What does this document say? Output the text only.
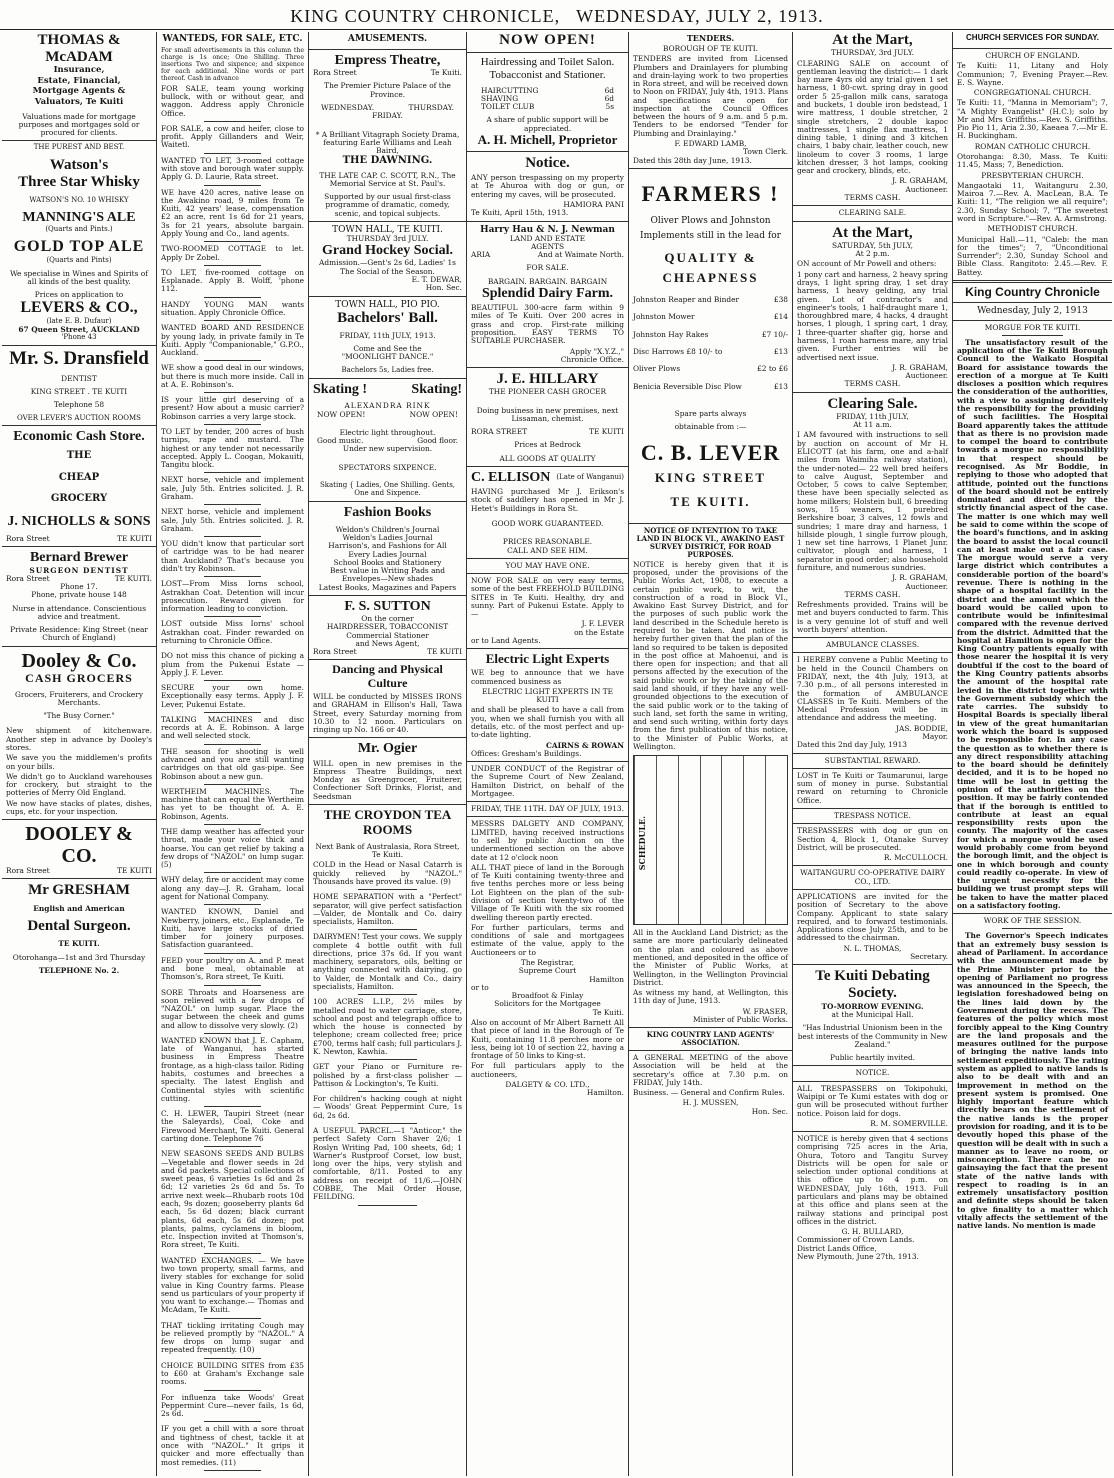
KING COUNTRY CHRONICLE, WEDNESDAY, JULY 2, 1913.
THOMAS & McADAM
Insurance,
Estate, Financial,
Mortgage Agents &
Valuators, Te Kuiti
Valuations made for mortgage purposes and mortgages sold or procured for clients.
THE PUREST AND BEST.
Watson's
Three Star Whisky
WATSON'S NO. 10 WHISKY
MANNING'S ALE
(Quarts and Pints.)
GOLD TOP ALE
(Quarts and Pints)
We specialise in Wines and Spirits of all kinds of the best quality.
Prices on application to
LEVERS & CO.,
(late E. B. Dufaur)
67 Queen Street, AUCKLAND
'Phone 43
Mr. S. Dransfield
DENTIST
KING STREET . TE KUITI
Telephone 58
OVER LEVER'S AUCTION ROOMS
Economic Cash Store.
THE
CHEAP
GROCERY
J. NICHOLLS & SONS
Rora Street	TE KUITI
Bernard Brewer
SURGEON DENTIST
Rora Street	TE KUITI.
Phone 17.
Phone, private house 148
Nurse in attendance. Conscientious advice and treatment.
Private Residence: King Street (near Church of England)
Dooley & Co.
CASH GROCERS
Grocers, Fruiterers, and Crockery Merchants.
"The Busy Corner."
New shipment of kitchenware. Another step in advance by Dooley's stores.
We save you the middlemen's profits on your bills.
We didn't go to Auckland warehouses for crockery, but straight to the potteries of Merry Old England.
We now have stacks of plates, dishes, cups, etc. for your inspection.
DOOLEY & CO.
Rora Street	TE KUITI
Mr GRESHAM
English and American
Dental Surgeon.
TE KUITI.
Otorohanga—1st and 3rd Thursday
TELEPHONE No. 2.
WANTEDS, FOR SALE, ETC.
For small advertisements in this column the charge is 1s once; One Shilling. Three insertions Two and sixpence; and sixpence for each additional. Nine words or part thereof. Cash in advance
FOR SALE, team young working bullock, with or without gear, and waggon. Address apply Chronicle Office.
FOR SALE, a cow and heifer, close to profit. Apply Gillanders and Weir, Waitetl.
WANTED TO LET, 3-roomed cottage with stove and borough water supply. Apply G. D. Laurie, Rata street.
WE have 420 acres, native lease on the Awakino road, 9 miles from Te Kuiti, 42 years' lease, compensation £2 an acre, rent 1s 6d for 21 years, 3s for 21 years, absolute bargain. Apply Young and Co., land agents.
TWO-ROOMED COTTAGE to let. Apply Dr Zobel.
TO LET, five-roomed cottage on Esplanade. Apply B. Wolff, 'phone 112.
HANDY YOUNG MAN wants situation. Apply Chronicle Office.
WANTED BOARD AND RESIDENCE by young lady, in private family in Te Kuiti. Apply "Companionable," G.P.O., Auckland.
WE show a good deal in our windows, but there is much more inside. Call in at A. E. Robinson's.
IS your little girl deserving of a present? How about a music carrier? Robinson carries a very large stock.
TO LET by tender, 200 acres of bush turnips, rape and mustard. The highest or any tender not necessarily accepted. Apply L. Coogan, Mokauiti, Tangitu block.
NEXT horse, vehicle and implement sale, July 5th. Entries solicited. J. R. Graham.
NEXT horse, vehicle and implement sale, July 5th. Entries solicited. J. R. Graham.
YOU didn't know that particular sort of cartridge was to be had nearer than Auckland? That's because you didn't try Robinson.
LOST—From Miss Iorns school, Astrakhan Coat. Detention will incur prosecution. Reward given for information leading to conviction.
LOST outside Miss Iorns' school Astrakhan coat. Finder rewarded on returning to Chronicle Office.
DO not miss this chance of picking a plum from the Pukenui Estate —Apply J. F. Lever.
SECURE your own home. Exceptionally easy terms. Apply J. F. Lever, Pukenui Estate.
TALKING MACHINES and disc records at A. E. Robinson. A large and well selected stock.
THE season for shooting is well advanced and you are still wanting cartridges on that old gas-pipe. See Robinson about a new gun.
WERTHEIM MACHINES. The machine that can equal the Wertheim has yet to be thought of. A. E. Robinson, Agents.
THE damp weather has affected your throat, made your voice thick and hoarse. You can get relief by taking a few drops of "NAZOL" on lump sugar. (5)
WHY delay, fire or accident may come along any day—J. R. Graham, local agent for National Company.
WANTED KNOWN, Daniel and Newberry, joiners, etc., Esplanade, Te Kuiti, have large stocks of dried timber for joinery purposes. Satisfaction guaranteed.
FEED your poultry on A. and P. meat and bone meal, obtainable at Thomson's, Rora street, Te Kuiti.
SORE Throats and Hoarseness are soon relieved with a few drops of "NAZOL" on lump sugar. Place the sugar between the cheek and gums and allow to dissolve very slowly. (2)
WANTED KNOWN that J. E. Capham, late of Wanganui, has started business in Empress Theatre frontage, as a high-class tailor. Riding habits, costumes and breeches a specialty. The latest English and Continental styles with scientific cutting.
C. H. LEWER, Taupiri Street (near the Saleyards), Coal, Coke and Firewood Merchant, Te Kuiti. General carting done. Telephone 76
NEW SEASONS SEEDS AND BULBS—Vegetable and flower seeds in 2d and 6d packets. Special collections of sweet peas, 6 varieties 1s 6d and 2s 6d; 12 varieties 2s 6d and 5s. To arrive next week—Rhubarb roots 10d each, 9s dozen; gooseberry plants 6d each, 5s 6d dozen; black currant plants, 6d each, 5s 6d dozen; pot plants, palms, cyclamens in bloom, etc. Inspection invited at Thomson's, Rora street, Te Kuiti.
WANTED EXCHANGES. — We have two town property, small farms, and livery stables for exchange for solid value in King Country farms. Please send us particulars of your property if you want to exchange.— Thomas and McAdam, Te Kuiti.
THAT tickling irritating Cough may be relieved promptly by "NAZOL." A few drops on lump sugar and repeated frequently. (10)
CHOICE BUILDING SITES from £35 to £60 at Graham's Exchange sale rooms.
For influenza take Woods' Great Peppermint Cure—never fails, 1s 6d, 2s 6d.
IF you get a chill with a sore throat and tightness of chest, tackle it at once with "NAZOL." It grips it quicker and more effectually than most remedies. (11)
AMUSEMENTS.
Empress Theatre,
Rora Street	Te Kuiti.
The Premier Picture Palace of the Province.
WEDNESDAY.	THURSDAY.
FRIDAY.
* A Brilliant Vitagraph Society Drama, featuring Earle Williams and Leah Baird,
THE DAWNING.
THE LATE CAP. C. SCOTT, R.N., The Memorial Service at St. Paul's.
Supported by our usual first-class programme of dramatic, comedy, scenic, and topical subjects.
TOWN HALL, TE KUITI.
THURSDAY 3rd JULY.
Grand Hockey Social.
Admission.—Gent's 2s 6d, Ladies' 1s The Social of the Season.
E. T. DEWAR,
Hon. Sec.
TOWN HALL, PIO PIO.
Bachelors' Ball.
FRIDAY, 11th JULY, 1913.
Come and See the
"MOONLIGHT DANCE."
Bachelors 5s, Ladies free.
Skating !	Skating!
ALEXANDRA RINK
NOW OPEN!	NOW OPEN!
Electric light throughout.
Good music.	Good floor.
Under new supervision.
SPECTATORS SIXPENCE.
Skating { Ladies, One Shilling. Gents, One and Sixpence.
Fashion Books
Weldon's Children's Journal
Weldon's Ladies Journal
Harrison's, and Fashions for All
Every Ladies Journal
School Books and Stationery
Best value in Writing Pads and Envelopes—New shades
Latest Books, Magazines and Papers
F. S. SUTTON
On the corner
HAIRDRESSER, TOBACCONIST
Commercial Stationer
and News Agent,
Rora Street	TE KUITI
Dancing and Physical Culture
WILL be conducted by MISSES IRONS and GRAHAM in Ellison's Hall, Tawa Street, every Saturday morning from 10.30 to 12 noon. Particulars on ringing up No. 166 or 40.
Mr. Ogier
WILL open in new premises in the Empress Theatre Buildings, next Monday as Greengrocer, Fruiterer, Confectioner Soft Drinks, Florist, and Seedsman
THE CROYDON TEA ROOMS
Next Bank of Australasia, Rora Street, Te Kuiti.
COLD in the Head or Nasal Catarrh is quickly relieved by "NAZOL." Thousands have proved its value. (9)
HOME SEPARATION with a "Perfect" separator, will give perfect satisfaction—Valder, de Montalk and Co. dairy specialists, Hamilton.
DAIRYMEN! Test your cows. We supply complete 4 bottle outfit with full directions, price 37s 6d. If you want machinery, separators, oils, belting or anything connected with dairying, go to Valder, de Montalk and Co., dairy specialists, Hamilton.
100 ACRES L.I.P., 2½ miles by metalled road to water carriage, store, school and post and telegraph office to which the house is connected by telephone; cream collected free; price £700, terms half cash; full particulars J. K. Newton, Kawhia.
GET your Piano or Furniture re-polished by a first-class polisher —Pattison & Lockington's, Te Kuiti.
For children's hacking cough at night — Woods' Great Peppermint Cure, 1s 6d, 2s 6d.
A USEFUL PARCEL.—1 "Anticor," the perfect Safety Corn Shaver 2/6; 1 Roslyn Writing Pad, 100 sheets, 6d; 1 Warner's Rustproof Corset, low bust, long over the hips, very stylish and comfortable, 8/11. Posted to any address on receipt of 11/6.—JOHN COBBE, The Mail Order House, FEILDING.
NOW OPEN!
Hairdressing and Toilet Salon.
Tobacconist and Stationer.
HAIRCUTTING	6d
SHAVING	6d
TOILET CLUB	5s
A share of public support will be appreciated.
A. H. Michell, Proprietor
Notice.
ANY person trespassing on my property at Te Ahuroa with dog or gun, or entering my caves, will be prosecuted.
HAMIORA PANI
Te Kuiti, April 15th, 1913.
Harry Hau & N. J. Newman
LAND AND ESTATE
AGENTS
ARIA	And at Waimate North.
FOR SALE.
BARGAIN. BARGAIN. BARGAIN
Splendid Dairy Farm.
BEAUTIFUL 300-acre farm within 9 miles of Te Kuiti. Over 200 acres in grass and crop. First-rate milking proposition. EASY TERMS TO SUITABLE PURCHASER.
Apply "X.Y.Z.,"
Chronicle Office.
J. E. HILLARY
THE PIONEER CASH GROCER
Doing business in new premises, next Lissaman, chemist.
RORA STREET	TE KUITI
Prices at Bedrock
ALL GOODS AT QUALITY
C. ELLISON (Late of Wanganui)
HAVING purchased Mr J. Erikson's stock of saddlery has opened in Mr J. Hetet's Buildings in Rora St.
GOOD WORK GUARANTEED.
PRICES REASONABLE.
CALL AND SEE HIM.
YOU MAY HAVE ONE.
NOW FOR SALE on very easy terms, some of the best FREEHOLD BUILDING SITES in Te Kuiti. Healthy, dry and sunny. Part of Pukenui Estate. Apply to—
J. F. LEVER
on the Estate
or to Land Agents.
Electric Light Experts
WE beg to announce that we have commenced business as
ELECTRIC LIGHT EXPERTS IN TE KUITI
and shall be pleased to have a call from you, when we shall furnish you with all details, etc. of the most perfect and up-to-date lighting.
CAIRNS & ROWAN
Offices: Gresham's Buildings.
UNDER CONDUCT of the Registrar of the Supreme Court of New Zealand, Hamilton District, on behalf of the Mortgagee.
FRIDAY, THE 11TH. DAY OF JULY, 1913.
MESSRS DALGETY AND COMPANY, LIMITED, having received instructions to sell by public Auction on the undermentioned section on the above date at 12 o'clock noon
ALL THAT piece of land in the Borough of Te Kuiti containing twenty-three and five tenths perches more or less being Lot Eighteen on the plan of the sub-division of section twenty-two of the Village of Te Kuiti with the six roomed dwelling thereon partly erected.
For further particulars, terms and conditions of sale and mortgagees estimate of the value, apply to the Auctioneers or to
The Registrar,
Supreme Court
Hamilton
or to
Broadfoot & Finlay
Solicitors for the Mortgagee
Te Kuiti.
Also on account of Mr Albert Barnett All that piece of land in the Borough of Te Kuiti, containing 11.8 perches more or less, being lot 10 of section 22, having a frontage of 50 links to King-st.
For full particulars apply to the auctioneers,
DALGETY & CO. LTD.,
Hamilton.
TENDERS.
BOROUGH OF TE KUITI.
TENDERS are invited from Licensed Plumbers and Drainlayers for plumbing and drain-laying work to two properties in Rora street, and will be received down to Noon on FRIDAY, July 4th, 1913. Plans and specifications are open for inspection at the Council Offices between the hours of 9 a.m. and 5 p.m. Tenders to be endorsed "Tender for Plumbing and Drainlaying."
F. EDWARD LAMB,
Town Clerk.
Dated this 28th day June, 1913.
FARMERS !
Oliver Plows and Johnston
Implements still in the lead for
QUALITY &
CHEAPNESS
Johnston Reaper and Binder	£38
Johnston Mower	£14
Johnston Hay Rakes	£7 10/-
Disc Harrows £8 10/- to	£13
Oliver Plows	£2 to £6
Benicia Reversible Disc Plow	£13
Spare parts always
obtainable from :—
C. B. LEVER
KING STREET
TE KUITI.
NOTICE OF INTENTION TO TAKE LAND IN BLOCK VI., AWAKINO EAST SURVEY DISTRICT, FOR ROAD PURPOSES.
NOTICE is hereby given that it is proposed, under the provisions of the Public Works Act, 1908, to execute a certain public work, to wit, the construction of a road in Block VI., Awakino East Survey District, and for the purposes of such public work the land described in the Schedule hereto is required to be taken. And notice is hereby further given that the plan of the land so required to be taken is deposited in the post office at Mahoenui, and is there open for inspection; and that all persons affected by the execution of the said public work or by the taking of the said land should, if they have any well-grounded objections to the execution of the said public work or to the taking of such land, set forth the same in writing, and send such writing, within forty days from the first publication of this notice, to the Minister of Public Works, at Wellington.
SCHEDULE.
All in the Auckland Land District; as the same are more particularly delineated on the plan and coloured as above mentioned, and deposited in the office of the Minister of Public Works, at Wellington, in the Wellington Provincial District.
As witness my hand, at Wellington, this 11th day of June, 1913.
W. FRASER,
Minister of Public Works.
KING COUNTRY LAND AGENTS' ASSOCIATION.
A GENERAL MEETING of the above Association will be held at the secretary's office at 7.30 p.m. on FRIDAY, July 14th.
Business. — General and Confirm Rules.
H. J. MUSSEN,
Hon. Sec.
At the Mart,
THURSDAY, 3rd JULY.
CLEARING SALE on account of gentleman leaving the district:— 1 dark bay mare 4yrs old any trial given 1 set harness, 1 80-cwt. spring dray in good order 5 25-gallon milk cans, saratoga and buckets, 1 double iron bedstead, 1 wire mattress, 1 double stretcher, 2 single stretchers, 2 double kapoc mattresses, 1 single flax mattress, 1 dining table, 1 dining and 3 kitchen chairs, 1 baby chair, leather couch, new linoleum to cover 3 rooms, 1 large kitchen dresser, 3 hot lamps, cooking gear and crockery, blinds, etc.
J. R. GRAHAM,
Auctioneer.
TERMS CASH.
CLEARING SALE.
At the Mart,
SATURDAY, 5th JULY,
At 2 p.m.
ON account of Mr Powell and others:
1 pony cart and harness, 2 heavy spring drays, 1 light spring dray, 1 set dray harness, 1 heavy gelding, any trial given. Lot of contractor's and engineer's tools, 1 half-draught mare 1, thoroughbred mare, 4 hacks, 4 draught horses, 1 plough, 1 spring cart, 1 dray, 1 three-quarter shafter gig, horse and harness, 1 roan harness mare, any trial given. Further entries will be advertised next issue.
J. R. GRAHAM,
Auctioneer.
TERMS CASH.
Clearing Sale.
FRIDAY, 11th JULY,
At 11 a.m.
I AM favoured with instructions to sell by auction on account of Mr H. ELICOTT (at his farm, one and a-half miles from Waimiha railway station), the under-noted— 22 well bred heifers to calve August, September and October, 5 cows to calve September, these have been specially selected as home milkers; Holstein bull, 6 breeding sows, 15 weaners, 1 purebred Berkshire boar, 3 calves, 12 fowls and sundries; 1 mare dray and harness, 1 hillside plough, 1 single furrow plough, 1 new set tine harrows, 1 Planet Junr. cultivator, plough and harness, 1 separator in good order; also household furniture, and numerous sundries.
J. R. GRAHAM,
Auctioneer.
TERMS CASH.
Refreshments provided. Trains will be met and buyers conducted to farm. This is a very genuine lot of stuff and well worth buyers' attention.
AMBULANCE CLASSES.
I HEREBY convene a Public Meeting to be held in the Council Chambers on FRIDAY, next, the 4th July, 1913, at 7.30 p.m., of all persons interested in the formation of AMBULANCE CLASSES in Te Kuiti. Members of the Medical Profession will be in attendance and address the meeting.
JAS. BODDIE,
Mayor.
Dated this 2nd day July, 1913
SUBSTANTIAL REWARD.
LOST in Te Kuiti or Taumarunui, large sum of money in purse. Substantial reward on returning to Chronicle Office.
TRESPASS NOTICE.
TRESPASSERS with dog or gun on Section 4, Block 1, Otanake Survey District, will be prosecuted.
R. McCULLOCH.
WAITANGURU CO-OPERATIVE DAIRY CO., LTD.
APPLICATIONS are invited for the position of Secretary to the above Company. Applicant to state salary required, and to forward testimonials. Applications close July 25th, and to be addressed to the chairman.
N. L. THOMAS,
Secretary.
Te Kuiti Debating Society.
TO-MORROW EVENING.
at the Municipal Hall.
"Has Industrial Unionism been in the best interests of the Community in New Zealand."
Public heartily invited.
NOTICE.
ALL TRESPASSERS on Tokipohuki, Waipipi or Te Kumi estates with dog or gun will be prosecuted without further notice. Poison laid for dogs.
R. M. SOMERVILLE.
NOTICE is hereby given that 4 sections comprising 725 acres in the Aria, Ohura, Totoro and Tangitu Survey Districts will be open for sale or selection under optional conditions at this office up to 4 p.m. on WEDNESDAY, July 16th, 1913. Full particulars and plans may be obtained at this office and plans seen at the railway stations and principal post offices in the district.
G. H. BULLARD,
Commissioner of Crown Lands.
District Lands Office,
New Plymouth, June 27th, 1913.
CHURCH SERVICES FOR SUNDAY.
CHURCH OF ENGLAND.
Te Kuiti: 11, Litany and Holy Communion; 7, Evening Prayer.—Rev. E. S. Wayne.
CONGREGATIONAL CHURCH.
Te Kuiti: 11, "Manna in Memoriam"; 7, "A Mighty Evangelist" (H.C.); solo by Mr and Mrs Griffiths.—Rev. S. Griffiths. Pio Pio 11, Aria 2.30, Kaeaea 7.—Mr E. H. Buckingham.
ROMAN CATHOLIC CHURCH.
Otorohanga: 8.30, Mass. Te Kuiti: 11.45, Mass; 7, Benediction.
PRESBYTERIAN CHURCH.
Mangaotaki 11, Waitanguru 2.30, Mairoa 7.—Rev. A. MacLean, B.A. Te Kuiti: 11, "The religion we all require"; 2.30, Sunday School; 7, "The sweetest word in Scripture."—Rev. A. Armstrong.
METHODIST CHURCH.
Municipal Hall.—11, "Caleb: the man for the times"; 7, "Unconditional Surrender"; 2.30, Sunday School and Bible Class. Rangitoto: 2.45.—Rev. F. Battey.
King Country Chronicle
Wednesday, July 2, 1913
MORGUE FOR TE KUITI.
The unsatisfactory result of the application of the Te Kuiti Borough Council to the Waikato Hospital Board for assistance towards the erection of a morgue at Te Kuiti discloses a position which requires the consideration of the authorities, with a view to assigning definitely the responsibility for the providing of such facilities. The Hospital Board apparently takes the attitude that as there is no provision made to compel the board to contribute towards a morgue no responsibility in that respect should be recognised. As Mr Boddie, in replying to those who adopted that attitude, pointed out the functions of the board should not be entirely dominated and directed by the strictly financial aspect of the case. The matter is one which may well be said to come within the scope of the board's functions, and in asking the board to assist the local council can at least make out a fair case. The morgue would serve a very large district which contributes a considerable portion of the board's revenue. There is nothing in the shape of a hospital facility in the district and the amount which the board would be called upon to contribute would be infinitesimal compared with the revenue derived from the district. Admitted that the hospital at Hamilton is open for the King Country patients equally with those nearer the hospital it is very doubtful if the cost to the board of the King Country patients absorbs the amount of the hospital rate levied in the district together with the Government subsidy which the rate carries. The subsidy to Hospital Boards is specially liberal in view of the great humanitarian work which the board is supposed to be responsible for. In any case the question as to whether there is any direct responsibility attaching to the board should be definitely decided, and it is to be hoped no time will be lost in getting the opinion of the authorities on the position. It may be fairly contended that if the borough is entitled to contribute at least an equal responsibility rests upon the county. The majority of the cases for which a morgue would be used would probably come from beyond the borough limit, and the object is one in which borough and county could readily co-operate. In view of the urgent necessity for the building we trust prompt steps will be taken to have the matter placed on a satisfactory footing.
WORK OF THE SESSION.
The Governor's Speech indicates that an extremely busy session is ahead of Parliament. In accordance with the announcement made by the Prime Minister prior to the opening of Parliament no progress was announced in the Speech, the legislation foreshadowed being on the lines laid down by the Government during the recess. The features of the policy which most forcibly appeal to the King Country are the land proposals and the measures outlined for the purpose of bringing the native lands into settlement expeditiously. The rating system as applied to native lands is also to be dealt with and an improvement in method on the present system is promised. One highly important feature which directly bears on the settlement of the native lands is the proper provision for roading, and it is to be devoutly hoped this phase of the question will be dealt with in such a manner as to leave no room, or misconception. There can be no gainsaying the fact that the present state of the native lands with respect to roading is in an extremely unsatisfactory position and definite steps should be taken to give finality to a matter which vitally affects the settlement of the native lands. No mention is made
